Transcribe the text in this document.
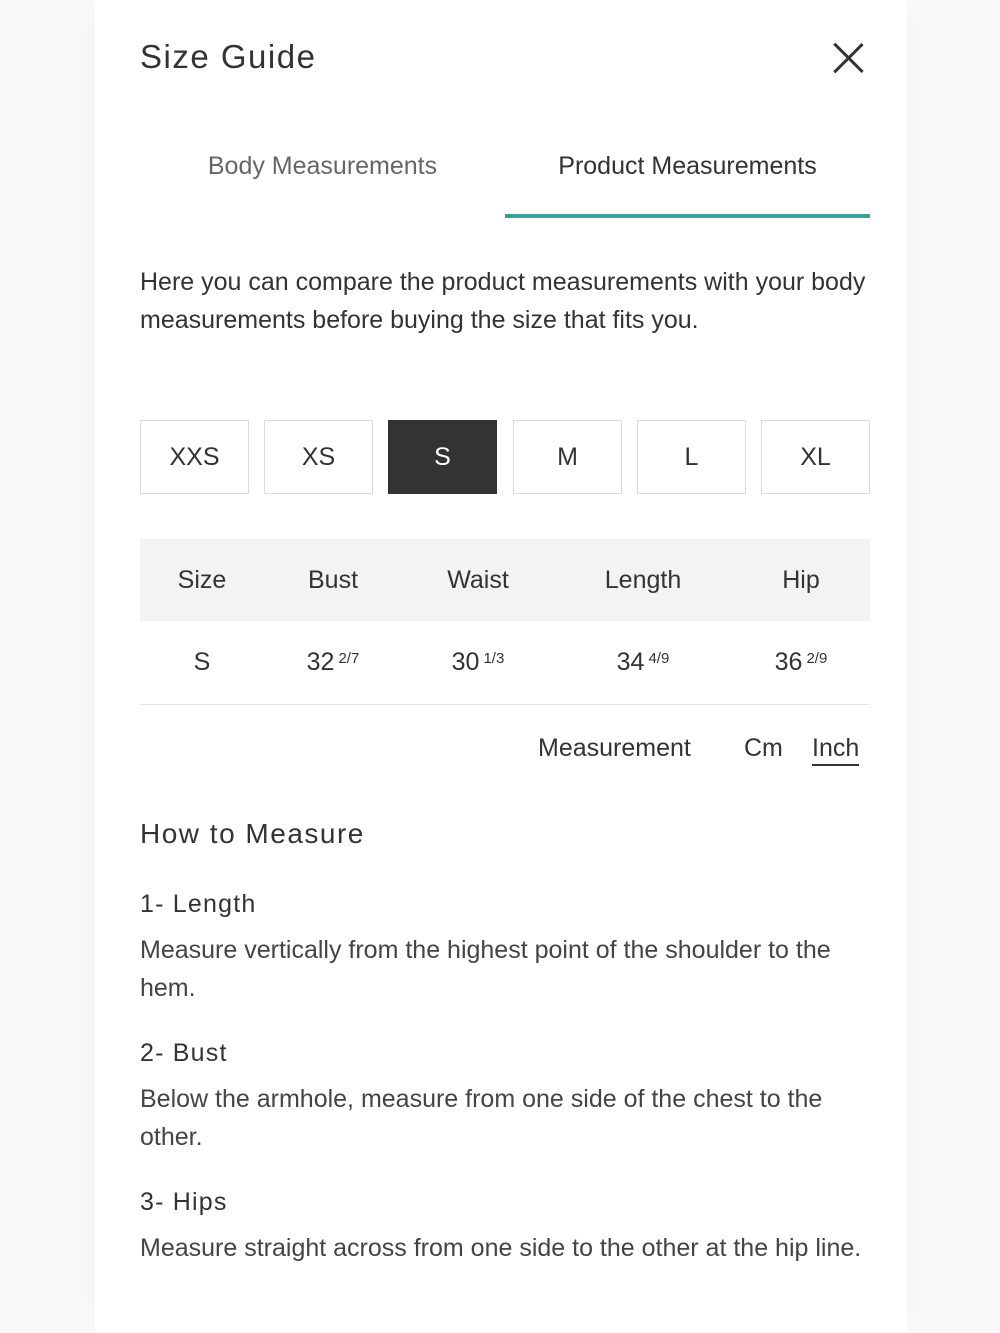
Size Guide
Body Measurements	Product Measurements
Here you can compare the product measurements with your body measurements before buying the size that fits you.
XXS	XS	S	M	L	XL
Size	Bust	Waist	Length	Hip
S	32 $^{2/7}$	30 $^{1/3}$	34 $^{4/9}$	36 $^{2/9}$
Measurement Cm Inch
How to Measure
1- Length
Measure vertically from the highest point of the shoulder to the hem.
2- Bust
Below the armhole, measure from one side of the chest to the other.
3- Hips
Measure straight across from one side to the other at the hip line.
